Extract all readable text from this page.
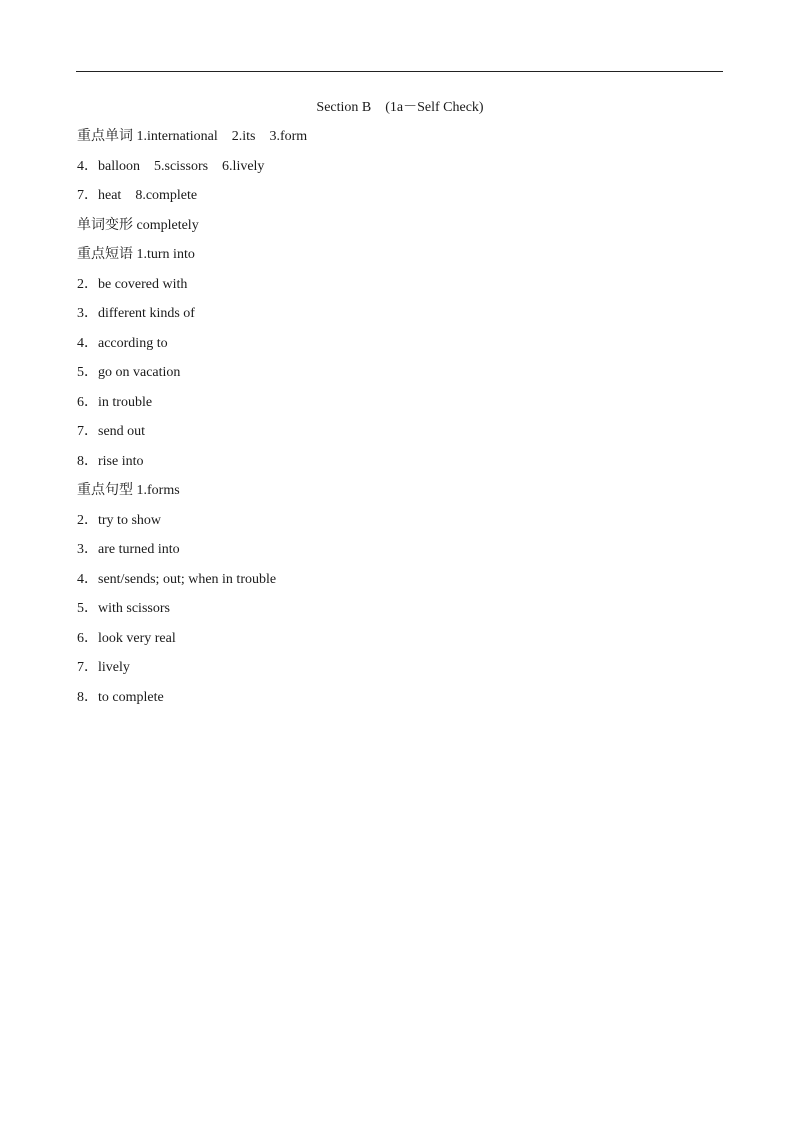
Section B　(1a－Self Check)
重点单词 1.international　2.its　3.form
4．balloon　5.scissors　6.lively
7．heat　8.complete
单词变形 completely
重点短语 1.turn into
2．be covered with
3．different kinds of
4．according to
5．go on vacation
6．in trouble
7．send out
8．rise into
重点句型 1.forms
2．try to show
3．are turned into
4．sent/sends; out; when in trouble
5．with scissors
6．look very real
7．lively
8．to complete
